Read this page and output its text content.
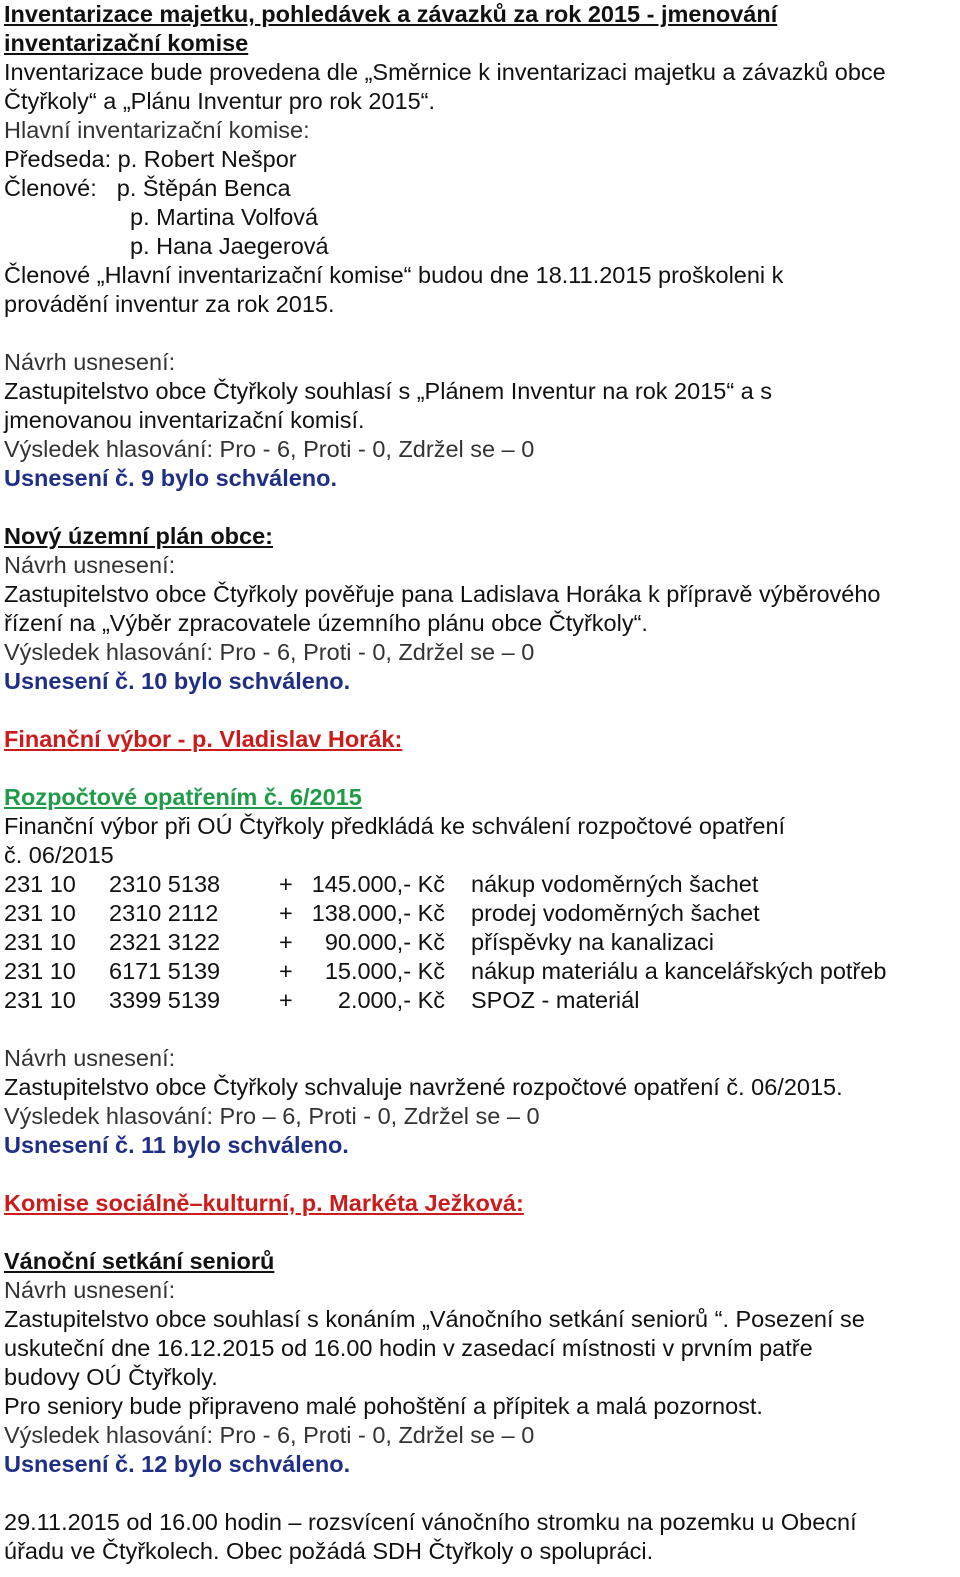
Inventarizace majetku, pohledávek a závazků za rok 2015 - jmenování
inventarizační komise
Inventarizace bude provedena dle „Směrnice k inventarizaci majetku a závazků obce
Čtyřkoly“ a „Plánu Inventur pro rok 2015“.
Hlavní inventarizační komise:
Předseda: p. Robert Nešpor
Členové: p. Štěpán Benca
p. Martina Volfová
p. Hana Jaegerová
Členové „Hlavní inventarizační komise“ budou dne 18.11.2015 proškoleni k
provádění inventur za rok 2015.
Návrh usnesení:
Zastupitelstvo obce Čtyřkoly souhlasí s „Plánem Inventur na rok 2015“ a s
jmenovanou inventarizační komisí.
Výsledek hlasování: Pro - 6, Proti - 0, Zdržel se – 0
Usnesení č. 9 bylo schváleno.
Nový územní plán obce:
Návrh usnesení:
Zastupitelstvo obce Čtyřkoly pověřuje pana Ladislava Horáka k přípravě výběrového
řízení na „Výběr zpracovatele územního plánu obce Čtyřkoly“.
Výsledek hlasování: Pro - 6, Proti - 0, Zdržel se – 0
Usnesení č. 10 bylo schváleno.
Finanční výbor - p. Vladislav Horák:
Rozpočtové opatřením č. 6/2015
Finanční výbor při OÚ Čtyřkoly předkládá ke schválení rozpočtové opatření
č. 06/2015
231 10	2310 5138	+ 145.000,- Kč	nákup vodoměrných šachet
231 10	2310 2112	+ 138.000,- Kč	prodej vodoměrných šachet
231 10	2321 3122	+	90.000,- Kč	příspěvky na kanalizaci
231 10	6171 5139	+	15.000,- Kč	nákup materiálu a kancelářských potřeb
231 10	3399 5139	+	2.000,- Kč	SPOZ - materiál
Návrh usnesení:
Zastupitelstvo obce Čtyřkoly schvaluje navržené rozpočtové opatření č. 06/2015.
Výsledek hlasování: Pro – 6, Proti - 0, Zdržel se – 0
Usnesení č. 11 bylo schváleno.
Komise sociálně–kulturní, p. Markéta Ježková:
Vánoční setkání seniorů
Návrh usnesení:
Zastupitelstvo obce souhlasí s konáním „Vánočního setkání seniorů “. Posezení se
uskuteční dne 16.12.2015 od 16.00 hodin v zasedací místnosti v prvním patře
budovy OÚ Čtyřkoly.
Pro seniory bude připraveno malé pohoštění a přípitek a malá pozornost.
Výsledek hlasování: Pro - 6, Proti - 0, Zdržel se – 0
Usnesení č. 12 bylo schváleno.
29.11.2015 od 16.00 hodin – rozsvícení vánočního stromku na pozemku u Obecní
úřadu ve Čtyřkolech. Obec požádá SDH Čtyřkoly o spolupráci.
